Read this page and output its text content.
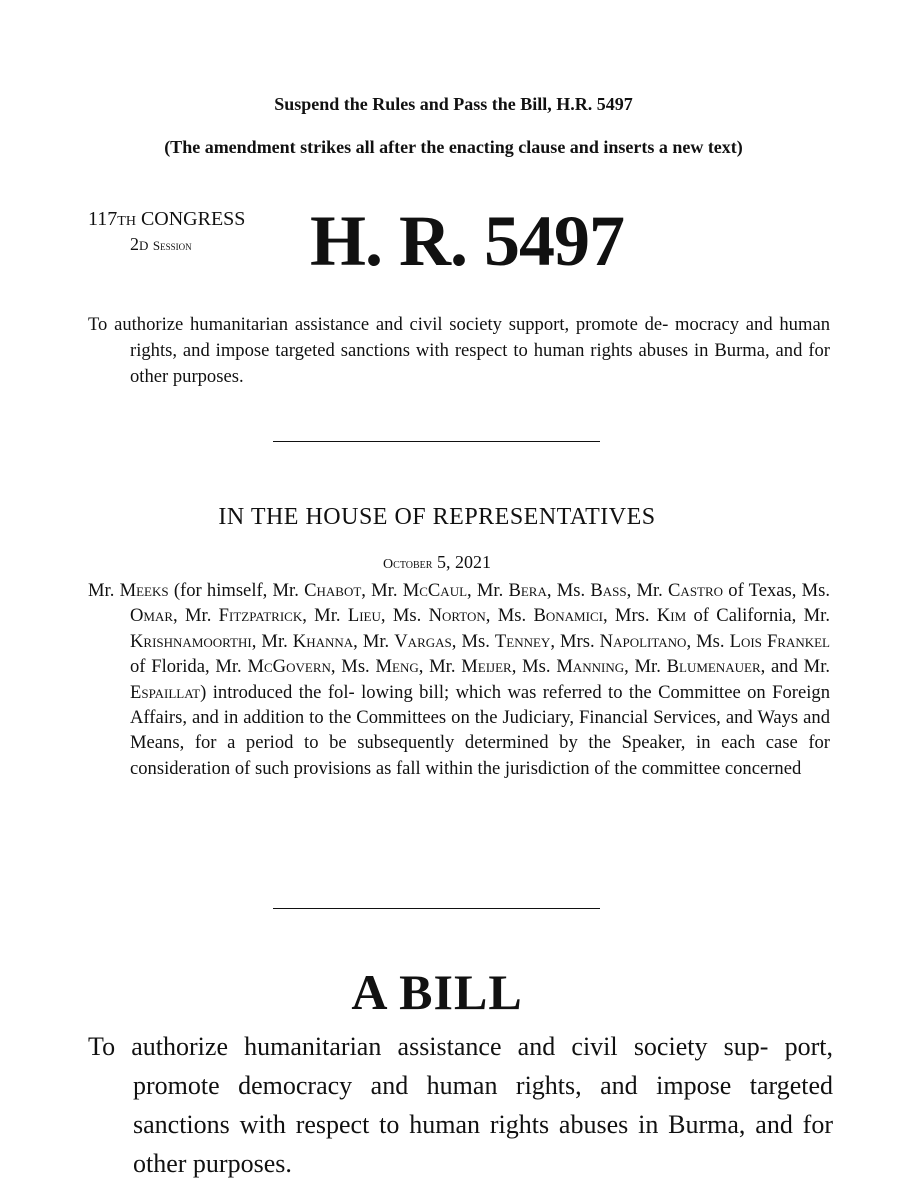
Suspend the Rules and Pass the Bill, H.R. 5497
(The amendment strikes all after the enacting clause and inserts a new text)
117TH CONGRESS
2D Session	H. R. 5497
To authorize humanitarian assistance and civil society support, promote de- mocracy and human rights, and impose targeted sanctions with respect to human rights abuses in Burma, and for other purposes.
IN THE HOUSE OF REPRESENTATIVES
October 5, 2021
Mr. Meeks (for himself, Mr. Chabot, Mr. McCaul, Mr. Bera, Ms. Bass, Mr. Castro of Texas, Ms. Omar, Mr. Fitzpatrick, Mr. Lieu, Ms. Norton, Ms. Bonamici, Mrs. Kim of California, Mr. Krishnamoorthi, Mr. Khanna, Mr. Vargas, Ms. Tenney, Mrs. Napolitano, Ms. Lois Frankel of Florida, Mr. McGovern, Ms. Meng, Mr. Meijer, Ms. Manning, Mr. Blumenauer, and Mr. Espaillat) introduced the fol- lowing bill; which was referred to the Committee on Foreign Affairs, and in addition to the Committees on the Judiciary, Financial Services, and Ways and Means, for a period to be subsequently determined by the Speaker, in each case for consideration of such provisions as fall within the jurisdiction of the committee concerned
A BILL
To authorize humanitarian assistance and civil society sup- port, promote democracy and human rights, and impose targeted sanctions with respect to human rights abuses in Burma, and for other purposes.
